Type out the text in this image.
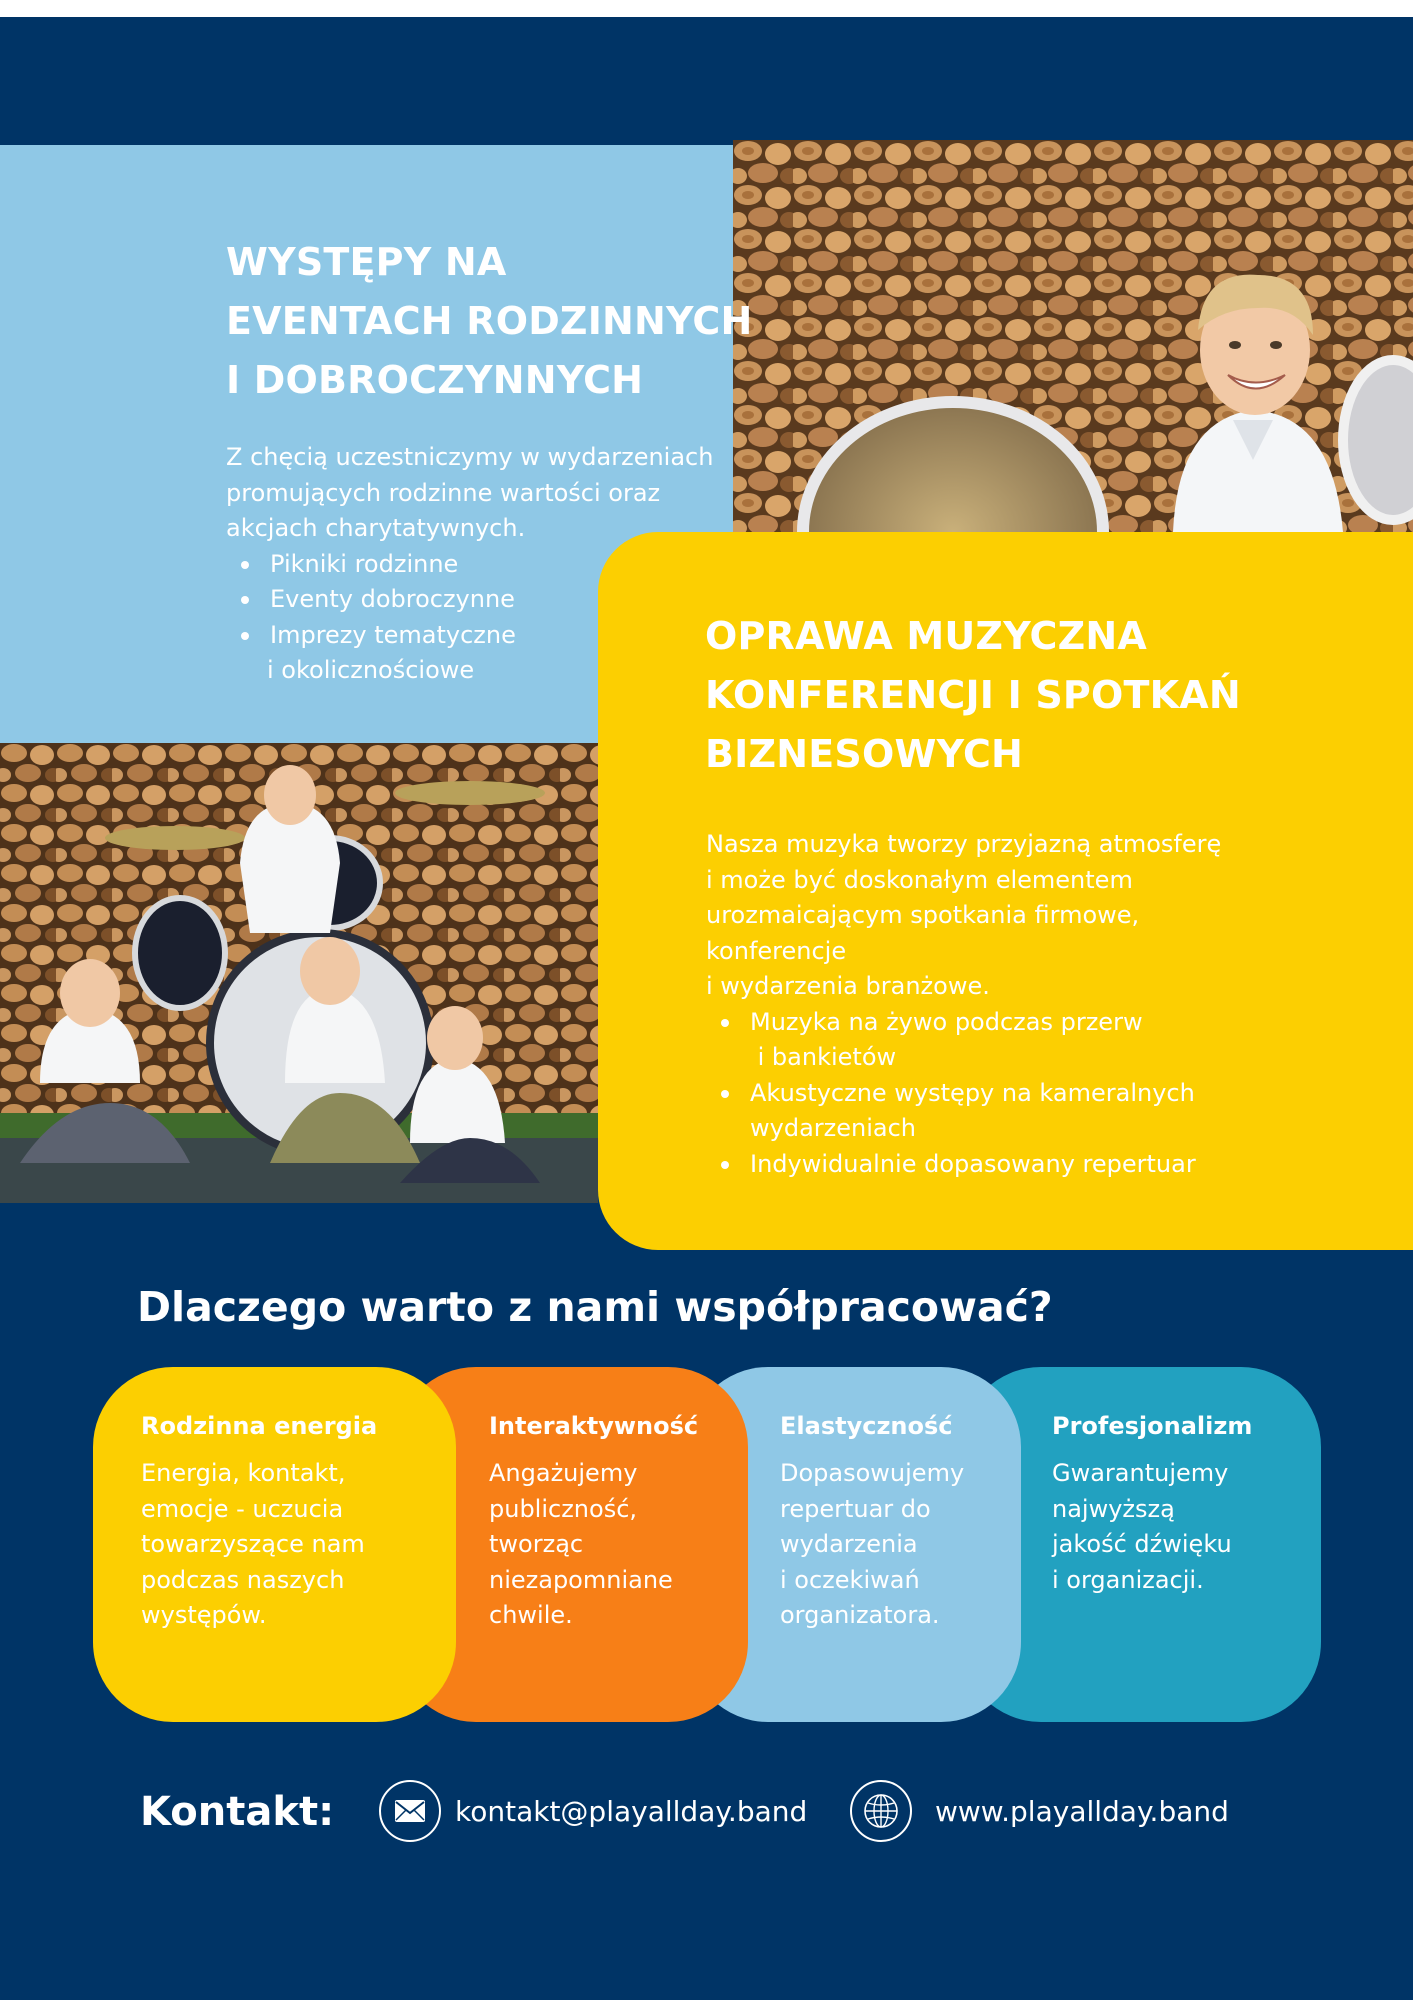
WYSTĘPY NA
EVENTACH RODZINNYCH
I DOBROCZYNNYCH
Z chęcią uczestniczymy w wydarzeniach
promujących rodzinne wartości oraz
akcjach charytatywnych.
Pikniki rodzinne
Eventy dobroczynne
Imprezy tematyczne
i okolicznościowe
OPRAWA MUZYCZNA
KONFERENCJI I SPOTKAŃ
BIZNESOWYCH
Nasza muzyka tworzy przyjazną atmosferę
i może być doskonałym elementem
urozmaicającym spotkania firmowe,
konferencje
i wydarzenia branżowe.
Muzyka na żywo podczas przerw
i bankietów
Akustyczne występy na kameralnych
wydarzeniach
Indywidualnie dopasowany repertuar
Dlaczego warto z nami współpracować?
Rodzinna energia
Energia, kontakt,
emocje - uczucia
towarzyszące nam
podczas naszych
występów.
Interaktywność
Angażujemy
publiczność,
tworząc
niezapomniane
chwile.
Elastyczność
Dopasowujemy
repertuar do
wydarzenia
i oczekiwań
organizatora.
Profesjonalizm
Gwarantujemy
najwyższą
jakość dźwięku
i organizacji.
Kontakt:	kontakt@playallday.band	www.playallday.band
